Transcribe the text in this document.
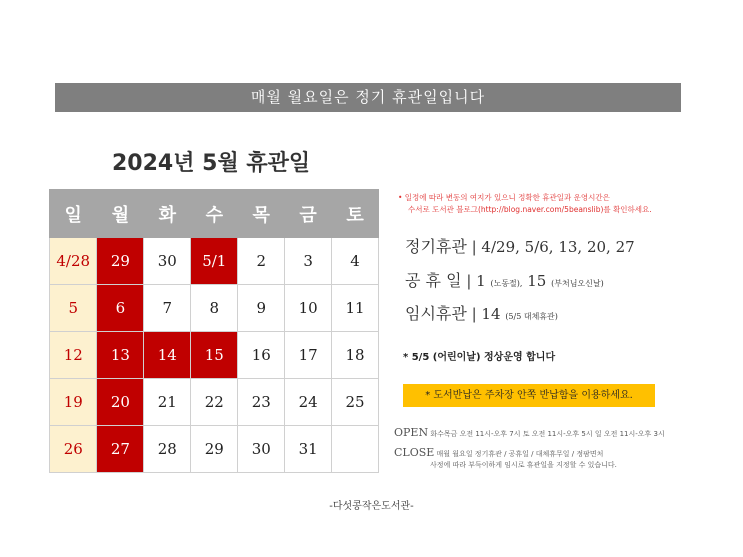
매월 월요일은 정기 휴관일입니다
2024년 5월 휴관일
일	월	화	수	목	금	토
4/28	29	30	5/1	2	3	4
5	6	7	8	9	10	11
12	13	14	15	16	17	18
19	20	21	22	23	24	25
26	27	28	29	30	31	
• 일정에 따라 변동의 여지가 있으니 정확한 휴관일과 운영시간은
수서로 도서관 블로그(http://blog.naver.com/5beanslib)를 확인하세요.
정기휴관 | 4/29, 5/6, 13, 20, 27
공 휴 일 | 1 (노동절), 15 (부처님오신날)
임시휴관 | 14 (5/5 대체휴관)
* 5/5 (어린이날) 정상운영 합니다
* 도서반납은 주차장 안쪽 반납함을 이용하세요.
OPEN 화수목금 오전 11시-오후 7시 토 오전 11시-오후 5시 일 오전 11시-오후 3시
CLOSE 매월 월요일 정기휴관 / 공휴일 / 대체휴무일 / 정팜면처
사정에 따라 부득이하게 임시로 휴관일을 지정할 수 있습니다.
-다섯콩작은도서관-
